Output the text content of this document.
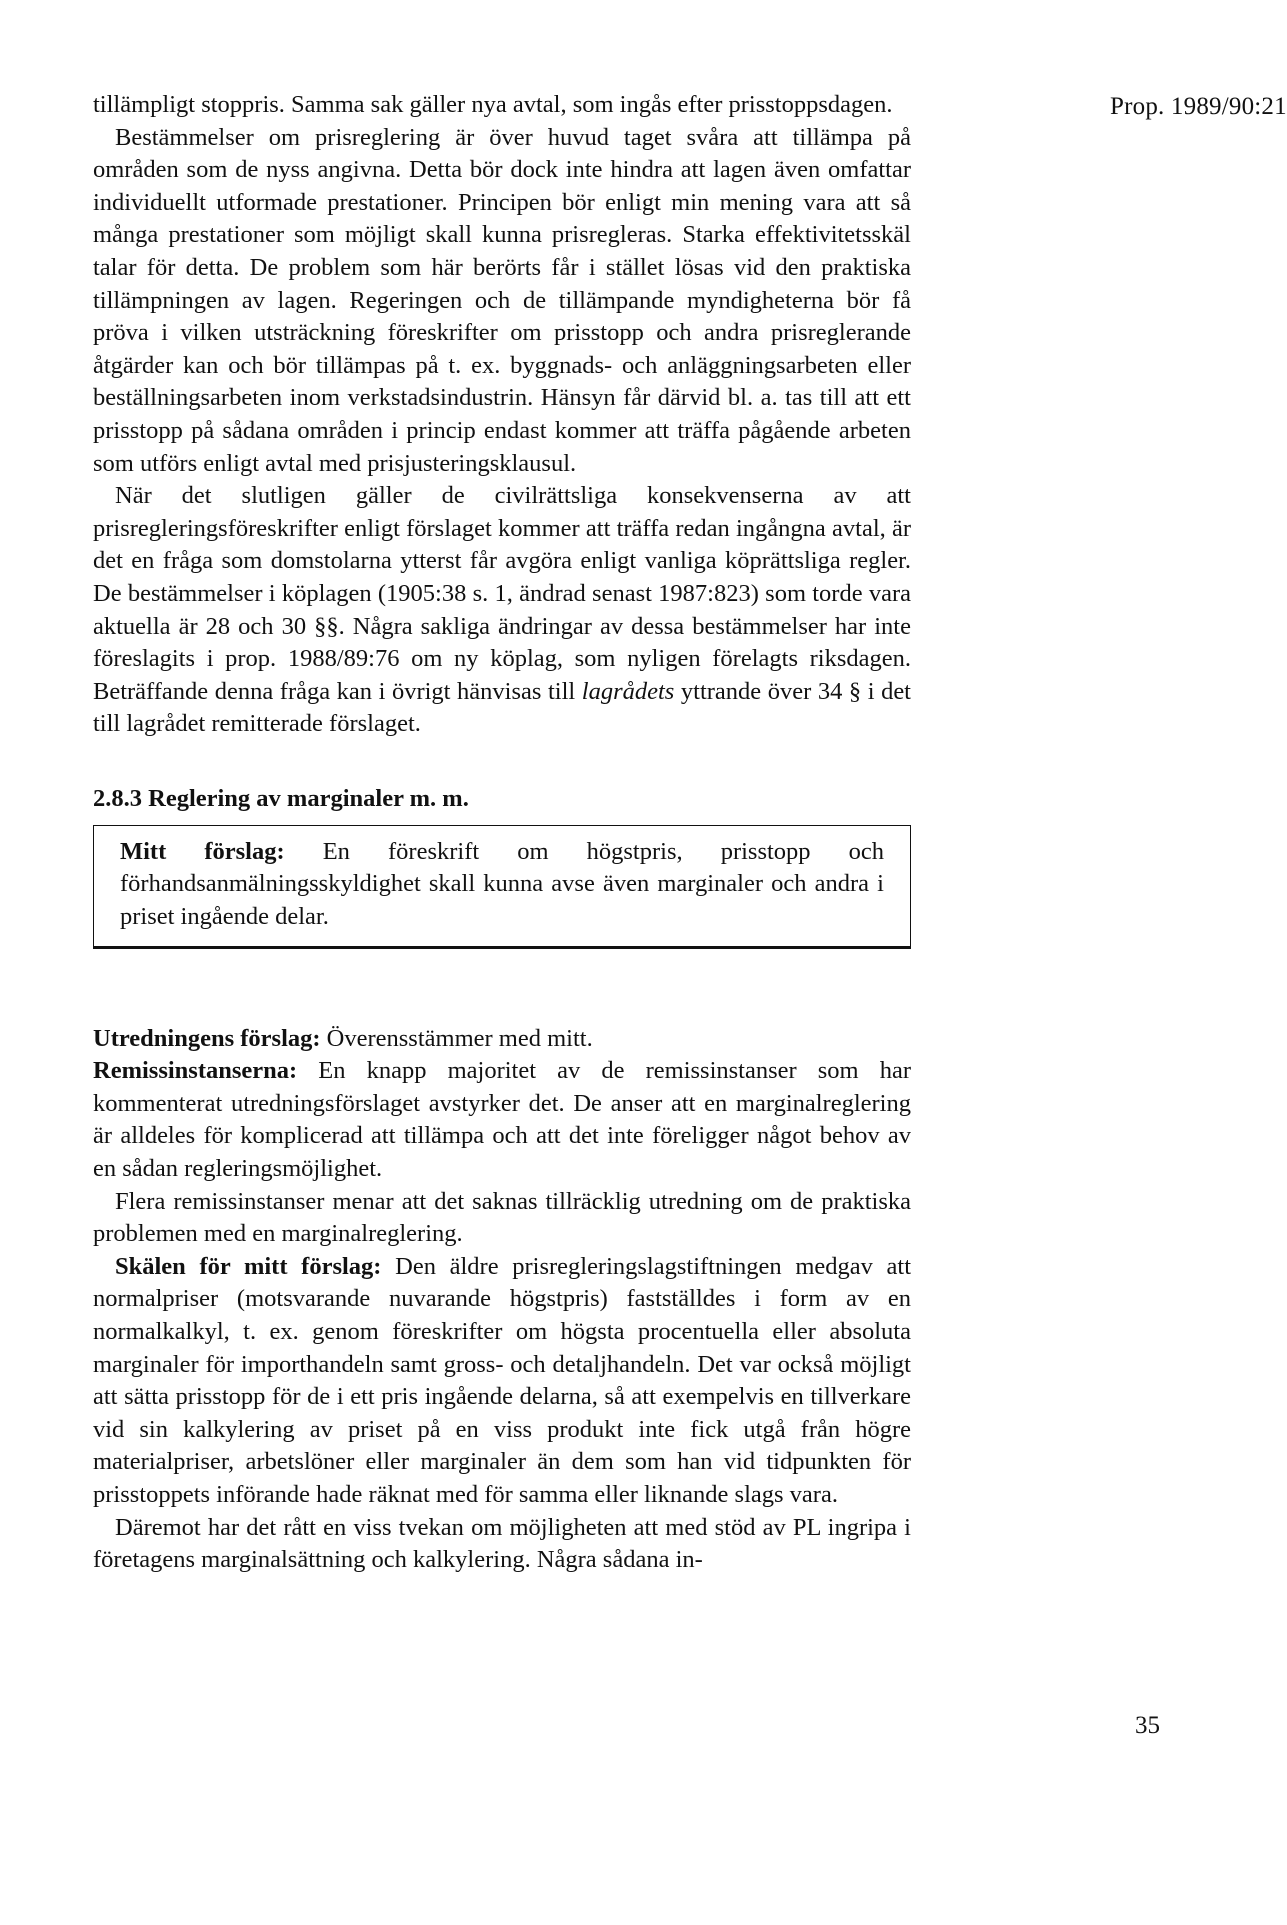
Prop. 1989/90:21

tillämpligt stoppris. Samma sak gäller nya avtal, som ingås efter prisstoppsdagen.

Bestämmelser om prisreglering är över huvud taget svåra att tillämpa på områden som de nyss angivna. Detta bör dock inte hindra att lagen även omfattar individuellt utformade prestationer. Principen bör enligt min mening vara att så många prestationer som möjligt skall kunna prisregleras. Starka effektivitetsskäl talar för detta. De problem som här berörts får i stället lösas vid den praktiska tillämpningen av lagen. Regeringen och de tillämpande myndigheterna bör få pröva i vilken utsträckning föreskrifter om prisstopp och andra prisreglerande åtgärder kan och bör tillämpas på t. ex. byggnads- och anläggningsarbeten eller beställningsarbeten inom verkstadsindustrin. Hänsyn får därvid bl. a. tas till att ett prisstopp på sådana områden i princip endast kommer att träffa pågående arbeten som utförs enligt avtal med prisjusteringsklausul.

När det slutligen gäller de civilrättsliga konsekvenserna av att prisregleringsföreskrifter enligt förslaget kommer att träffa redan ingångna avtal, är det en fråga som domstolarna ytterst får avgöra enligt vanliga köprättsliga regler. De bestämmelser i köplagen (1905:38 s. 1, ändrad senast 1987:823) som torde vara aktuella är 28 och 30 §§. Några sakliga ändringar av dessa bestämmelser har inte föreslagits i prop. 1988/89:76 om ny köplag, som nyligen förelagts riksdagen. Beträffande denna fråga kan i övrigt hänvisas till lagrådets yttrande över 34 § i det till lagrådet remitterade förslaget.

2.8.3 Reglering av marginaler m. m.

Mitt förslag: En föreskrift om högstpris, prisstopp och förhandsanmälningsskyldighet skall kunna avse även marginaler och andra i priset ingående delar.

Utredningens förslag: Överensstämmer med mitt.

Remissinstanserna: En knapp majoritet av de remissinstanser som har kommenterat utredningsförslaget avstyrker det. De anser att en marginalreglering är alldeles för komplicerad att tillämpa och att det inte föreligger något behov av en sådan regleringsmöjlighet.

Flera remissinstanser menar att det saknas tillräcklig utredning om de praktiska problemen med en marginalreglering.

Skälen för mitt förslag: Den äldre prisregleringslagstiftningen medgav att normalpriser (motsvarande nuvarande högstpris) fastställdes i form av en normalkalkyl, t. ex. genom föreskrifter om högsta procentuella eller absoluta marginaler för importhandeln samt gross- och detaljhandeln. Det var också möjligt att sätta prisstopp för de i ett pris ingående delarna, så att exempelvis en tillverkare vid sin kalkylering av priset på en viss produkt inte fick utgå från högre materialpriser, arbetslöner eller marginaler än dem som han vid tidpunkten för prisstoppets införande hade räknat med för samma eller liknande slags vara.

Däremot har det rått en viss tvekan om möjligheten att med stöd av PL ingripa i företagens marginalsättning och kalkylering. Några sådana in-

35
